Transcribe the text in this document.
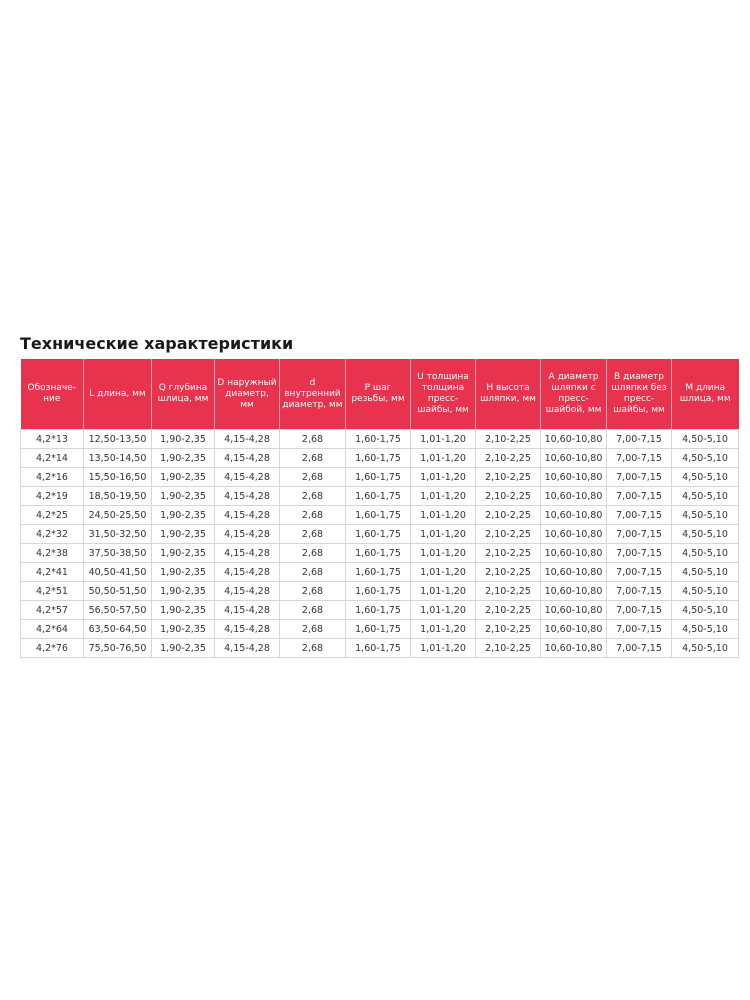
Технические характеристики
Обозначе-ние	L длина, мм	Q глубина шлица, мм	D наружный диаметр, мм	d внутренний диаметр, мм	P шаг резьбы, мм	U толщина толщина пресс-шайбы, мм	H высота шляпки, мм	A диаметр шляпки с пресс-шайбой, мм	B диаметр шляпки без пресс-шайбы, мм	M длина шлица, мм
4,2*13	12,50-13,50	1,90-2,35	4,15-4,28	2,68	1,60-1,75	1,01-1,20	2,10-2,25	10,60-10,80	7,00-7,15	4,50-5,10
4,2*14	13,50-14,50	1,90-2,35	4,15-4,28	2,68	1,60-1,75	1,01-1,20	2,10-2,25	10,60-10,80	7,00-7,15	4,50-5,10
4,2*16	15,50-16,50	1,90-2,35	4,15-4,28	2,68	1,60-1,75	1,01-1,20	2,10-2,25	10,60-10,80	7,00-7,15	4,50-5,10
4,2*19	18,50-19,50	1,90-2,35	4,15-4,28	2,68	1,60-1,75	1,01-1,20	2,10-2,25	10,60-10,80	7,00-7,15	4,50-5,10
4,2*25	24,50-25,50	1,90-2,35	4,15-4,28	2,68	1,60-1,75	1,01-1,20	2,10-2,25	10,60-10,80	7,00-7,15	4,50-5,10
4,2*32	31,50-32,50	1,90-2,35	4,15-4,28	2,68	1,60-1,75	1,01-1,20	2,10-2,25	10,60-10,80	7,00-7,15	4,50-5,10
4,2*38	37,50-38,50	1,90-2,35	4,15-4,28	2,68	1,60-1,75	1,01-1,20	2,10-2,25	10,60-10,80	7,00-7,15	4,50-5,10
4,2*41	40,50-41,50	1,90-2,35	4,15-4,28	2,68	1,60-1,75	1,01-1,20	2,10-2,25	10,60-10,80	7,00-7,15	4,50-5,10
4,2*51	50,50-51,50	1,90-2,35	4,15-4,28	2,68	1,60-1,75	1,01-1,20	2,10-2,25	10,60-10,80	7,00-7,15	4,50-5,10
4,2*57	56,50-57,50	1,90-2,35	4,15-4,28	2,68	1,60-1,75	1,01-1,20	2,10-2,25	10,60-10,80	7,00-7,15	4,50-5,10
4,2*64	63,50-64,50	1,90-2,35	4,15-4,28	2,68	1,60-1,75	1,01-1,20	2,10-2,25	10,60-10,80	7,00-7,15	4,50-5,10
4,2*76	75,50-76,50	1,90-2,35	4,15-4,28	2,68	1,60-1,75	1,01-1,20	2,10-2,25	10,60-10,80	7,00-7,15	4,50-5,10
